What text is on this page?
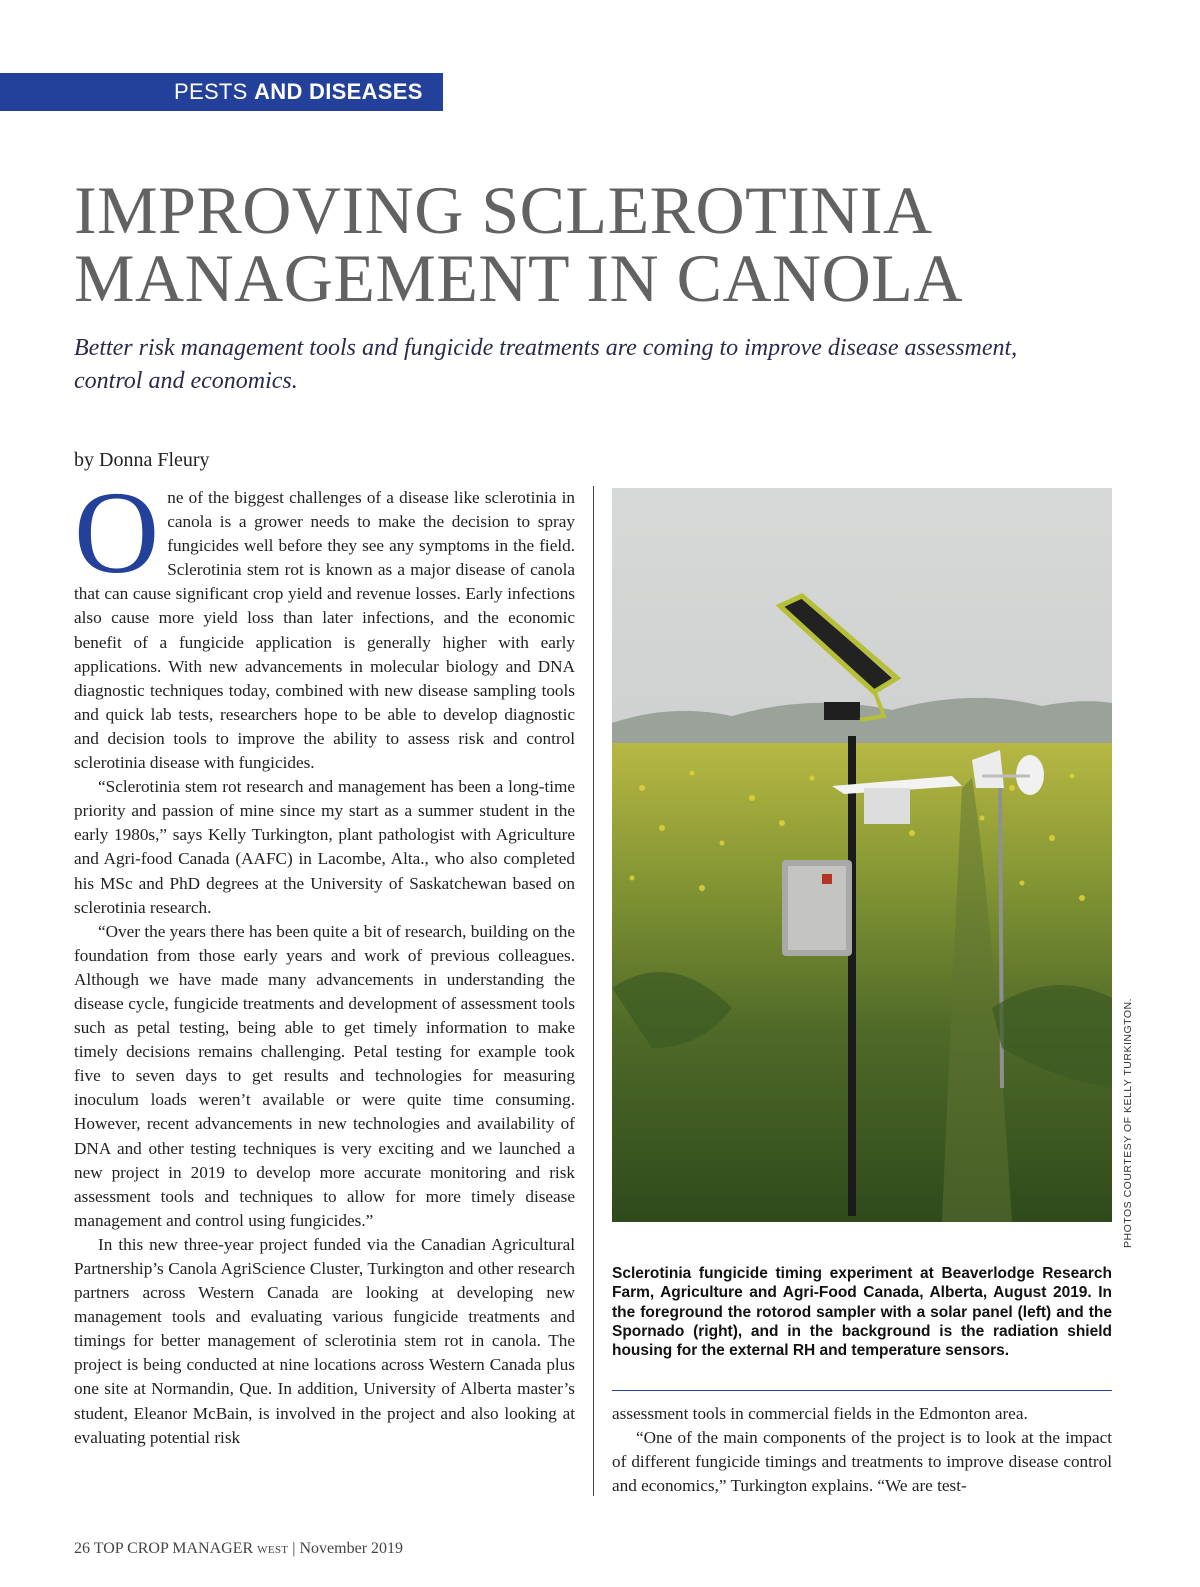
PESTS AND DISEASES
IMPROVING SCLEROTINIA
MANAGEMENT IN CANOLA

Better risk management tools and fungicide treatments are coming to improve disease assessment, control and economics.

by Donna Fleury

One of the biggest challenges of a disease like sclerotinia in canola is a grower needs to make the decision to spray fungicides well before they see any symptoms in the field. Sclerotinia stem rot is known as a major disease of canola that can cause significant crop yield and revenue losses. Early infections also cause more yield loss than later infections, and the economic benefit of a fungicide application is generally higher with early applications. With new advancements in molecular biology and DNA diagnostic techniques today, combined with new disease sampling tools and quick lab tests, researchers hope to be able to develop diagnostic and decision tools to improve the ability to assess risk and control sclerotinia disease with fungicides.

“Sclerotinia stem rot research and management has been a long-time priority and passion of mine since my start as a summer student in the early 1980s,” says Kelly Turkington, plant pathologist with Agriculture and Agri-food Canada (AAFC) in Lacombe, Alta., who also completed his MSc and PhD degrees at the University of Saskatchewan based on sclerotinia research.

“Over the years there has been quite a bit of research, building on the foundation from those early years and work of previous colleagues. Although we have made many advancements in understanding the disease cycle, fungicide treatments and development of assessment tools such as petal testing, being able to get timely information to make timely decisions remains challenging. Petal testing for example took five to seven days to get results and technologies for measuring inoculum loads weren’t available or were quite time consuming. However, recent advancements in new technologies and availability of DNA and other testing techniques is very exciting and we launched a new project in 2019 to develop more accurate monitoring and risk assessment tools and techniques to allow for more timely disease management and control using fungicides.”

In this new three-year project funded via the Canadian Agricultural Partnership’s Canola AgriScience Cluster, Turkington and other research partners across Western Canada are looking at developing new management tools and evaluating various fungicide treatments and timings for better management of sclerotinia stem rot in canola. The project is being conducted at nine locations across Western Canada plus one site at Normandin, Que. In addition, University of Alberta master’s student, Eleanor McBain, is involved in the project and also looking at evaluating potential risk

PHOTOS COURTESY OF KELLY TURKINGTON.

Sclerotinia fungicide timing experiment at Beaverlodge Research Farm, Agriculture and Agri-Food Canada, Alberta, August 2019. In the foreground the rotorod sampler with a solar panel (left) and the Spornado (right), and in the background is the radiation shield housing for the external RH and temperature sensors.

assessment tools in commercial fields in the Edmonton area.

“One of the main components of the project is to look at the impact of different fungicide timings and treatments to improve disease control and economics,” Turkington explains. “We are test-

26 TOP CROP MANAGER WEST | November 2019
